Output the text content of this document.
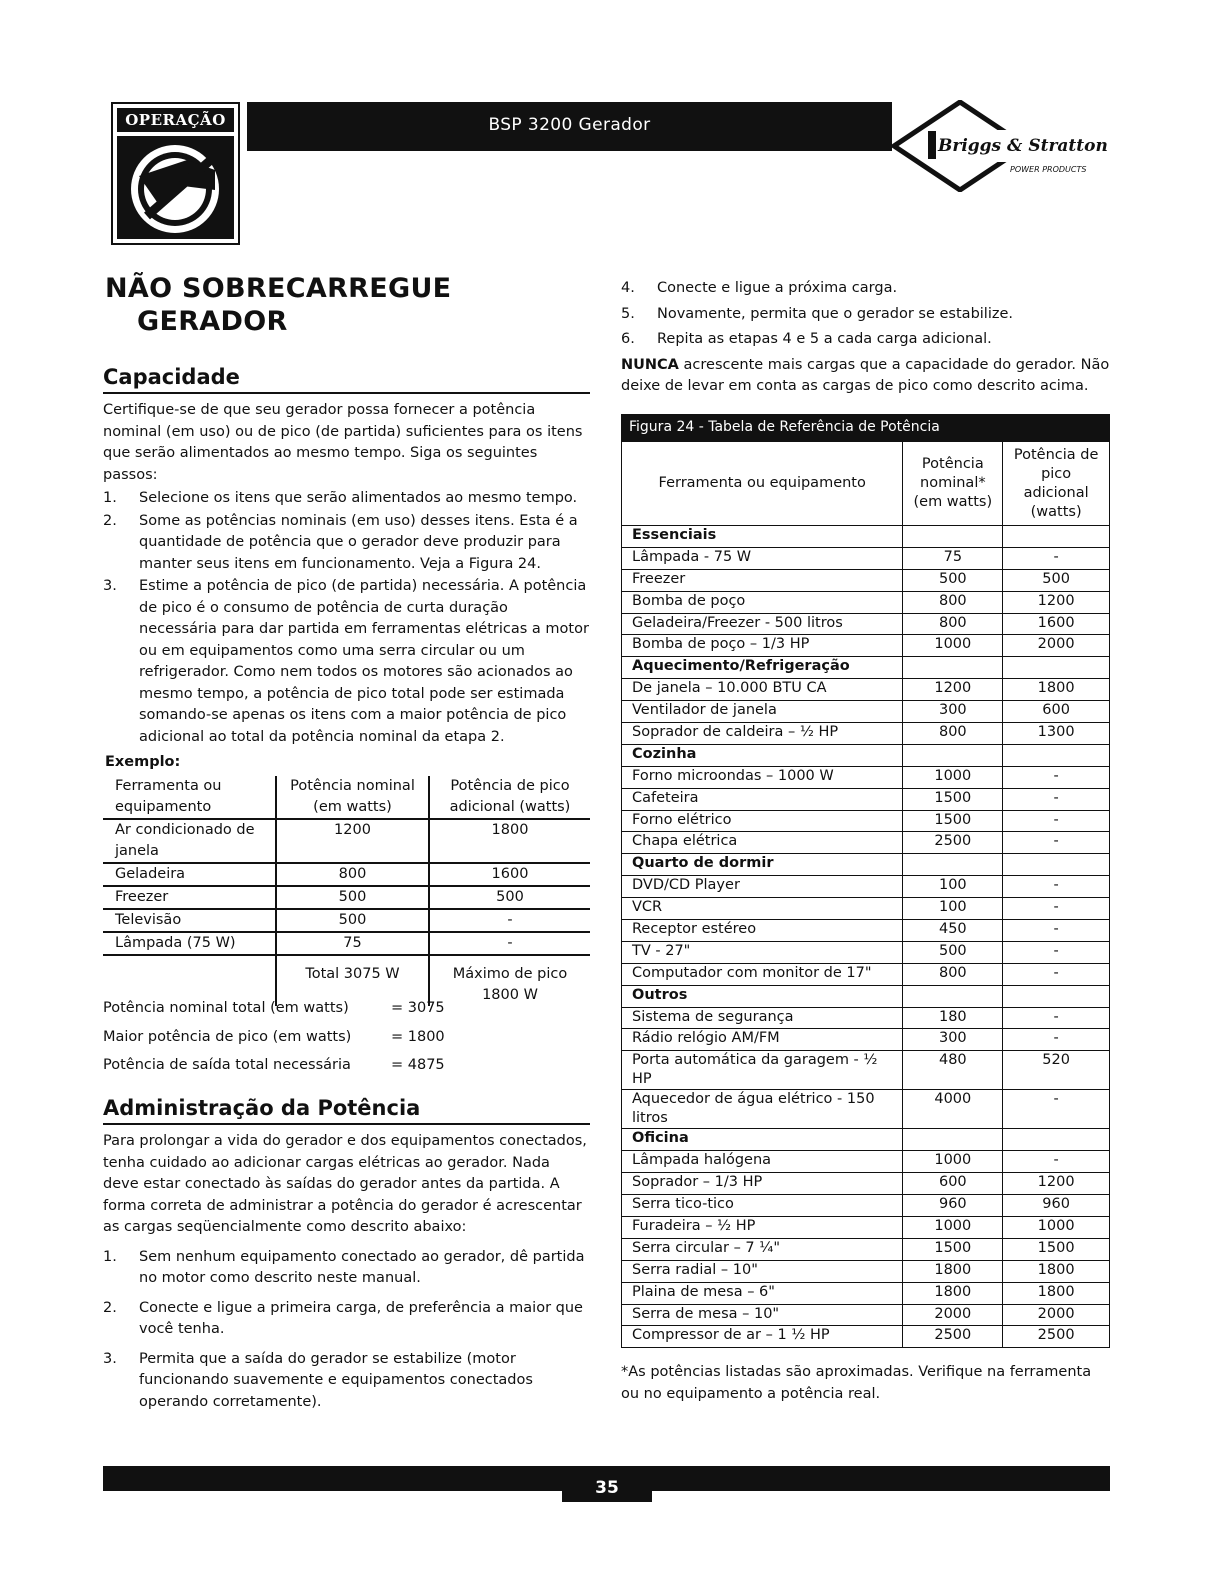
OPERAÇÃO	BSP 3200 Gerador
Briggs & Stratton
POWER PRODUCTS
NÃO SOBRECARREGUE
GERADOR
Capacidade

Certifique-se de que seu gerador possa fornecer a potência nominal (em uso) ou de pico (de partida) suficientes para os itens que serão alimentados ao mesmo tempo. Siga os seguintes passos:

1. Selecione os itens que serão alimentados ao mesmo tempo.
2. Some as potências nominais (em uso) desses itens. Esta é a quantidade de potência que o gerador deve produzir para manter seus itens em funcionamento. Veja a Figura 24.
3. Estime a potência de pico (de partida) necessária. A potência de pico é o consumo de potência de curta duração necessária para dar partida em ferramentas elétricas a motor ou em equipamentos como uma serra circular ou um refrigerador. Como nem todos os motores são acionados ao mesmo tempo, a potência de pico total pode ser estimada somando-se apenas os itens com a maior potência de pico adicional ao total da potência nominal da etapa 2.
Exemplo:
Ferramenta ou equipamento	Potência nominal (em watts)	Potência de pico adicional (watts)
Ar condicionado de janela	1200	1800
Geladeira	800	1600
Freezer	500	500
Televisão	500	-
Lâmpada (75 W)	75	-
	Total 3075 W	Máximo de pico 1800 W
Potência nominal total (em watts)	= 3075
Maior potência de pico (em watts)	= 1800
Potência de saída total necessária	= 4875
Administração da Potência

Para prolongar a vida do gerador e dos equipamentos conectados, tenha cuidado ao adicionar cargas elétricas ao gerador. Nada deve estar conectado às saídas do gerador antes da partida. A forma correta de administrar a potência do gerador é acrescentar as cargas seqüencialmente como descrito abaixo:

1. Sem nenhum equipamento conectado ao gerador, dê partida no motor como descrito neste manual.
2. Conecte e ligue a primeira carga, de preferência a maior que você tenha.
3. Permita que a saída do gerador se estabilize (motor funcionando suavemente e equipamentos conectados operando corretamente).
4. Conecte e ligue a próxima carga.
5. Novamente, permita que o gerador se estabilize.
6. Repita as etapas 4 e 5 a cada carga adicional.

NUNCA acrescente mais cargas que a capacidade do gerador. Não deixe de levar em conta as cargas de pico como descrito acima.

Figura 24 - Tabela de Referência de Potência
Ferramenta ou equipamento	Potência nominal* (em watts)	Potência de pico adicional (watts)
Essenciais		
Lâmpada - 75 W	75	-
Freezer	500	500
Bomba de poço	800	1200
Geladeira/Freezer - 500 litros	800	1600
Bomba de poço – 1/3 HP	1000	2000
Aquecimento/Refrigeração		
De janela – 10.000 BTU CA	1200	1800
Ventilador de janela	300	600
Soprador de caldeira – ½ HP	800	1300
Cozinha		
Forno microondas – 1000 W	1000	-
Cafeteira	1500	-
Forno elétrico	1500	-
Chapa elétrica	2500	-
Quarto de dormir		
DVD/CD Player	100	-
VCR	100	-
Receptor estéreo	450	-
TV - 27"	500	-
Computador com monitor de 17"	800	-
Outros		
Sistema de segurança	180	-
Rádio relógio AM/FM	300	-
Porta automática da garagem - ½ HP	480	520
Aquecedor de água elétrico - 150 litros	4000	-
Oficina		
Lâmpada halógena	1000	-
Soprador – 1/3 HP	600	1200
Serra tico-tico	960	960
Furadeira – ½ HP	1000	1000
Serra circular – 7 ¼"	1500	1500
Serra radial – 10"	1800	1800
Plaina de mesa – 6"	1800	1800
Serra de mesa – 10"	2000	2000
Compressor de ar – 1 ½ HP	2500	2500
*As potências listadas são aproximadas. Verifique na ferramenta ou no equipamento a potência real.
35
